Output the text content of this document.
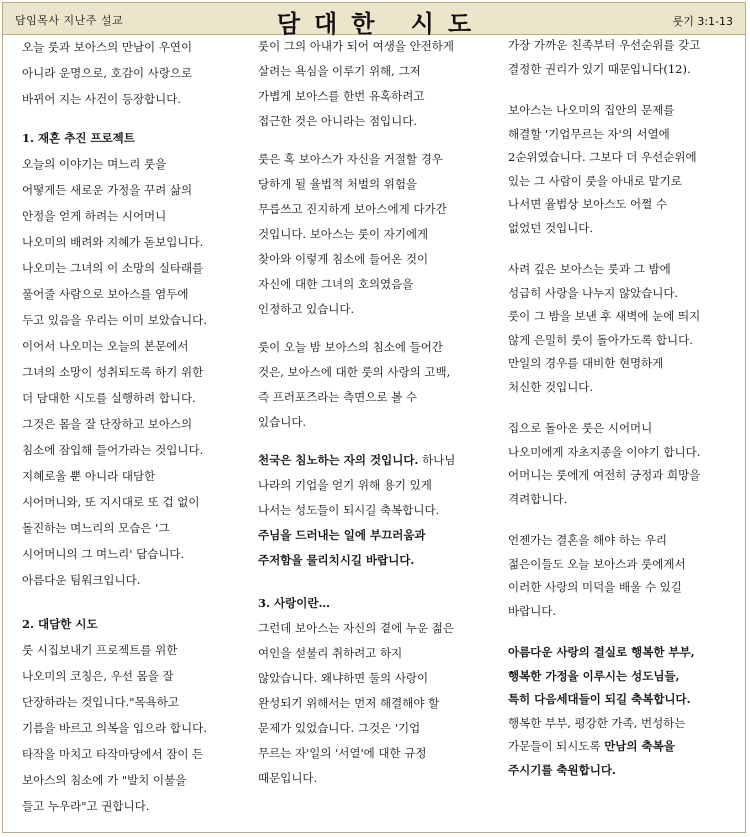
담임목사 지난주 설교	담대한 시도	룻기 3:1-13
오늘 룻과 보아스의 만남이 우연이
아니라 운명으로, 호감이 사랑으로
바뀌어 지는 사건이 등장합니다.
1. 재혼 추진 프로젝트
오늘의 이야기는 며느리 룻을
어떻게든 새로운 가정을 꾸려 삶의
안정을 얻게 하려는 시어머니
나오미의 배려와 지혜가 돋보입니다.
나오미는 그녀의 이 소망의 실타래를
풀어줄 사람으로 보아스를 염두에
두고 있음을 우리는 이미 보았습니다.
이어서 나오미는 오늘의 본문에서
그녀의 소망이 성취되도록 하기 위한
더 담대한 시도를 실행하려 합니다.
그것은 몸을 잘 단장하고 보아스의
침소에 잠입해 들어가라는 것입니다.
지혜로울 뿐 아니라 대담한
시어머니와, 또 지시대로 또 겁 없이
돌진하는 며느리의 모습은 '그
시어머니의 그 며느리' 답습니다.
아름다운 팀워크입니다.
2. 대담한 시도
룻 시집보내기 프로젝트를 위한
나오미의 코칭은, 우선 몸을 잘
단장하라는 것입니다."목욕하고
기름을 바르고 의복을 입으라 합니다.
타작을 마치고 타작마당에서 잠이 든
보아스의 침소에 가 "발치 이불을
들고 누우라"고 권합니다.
룻이 그의 아내가 되어 여생을 안전하게
살려는 욕심을 이루기 위해, 그저
가볍게 보아스를 한번 유혹하려고
접근한 것은 아니라는 점입니다.
룻은 혹 보아스가 자신을 거절할 경우
당하게 될 율법적 처벌의 위험을
무릅쓰고 진지하게 보아스에게 다가간
것입니다. 보아스는 룻이 자기에게
찾아와 이렇게 침소에 들어온 것이
자신에 대한 그녀의 호의였음을
인정하고 있습니다.
룻이 오늘 밤 보아스의 침소에 들어간
것은, 보아스에 대한 룻의 사랑의 고백,
즉 프러포즈라는 측면으로 볼 수
있습니다.
천국은 침노하는 자의 것입니다. 하나님
나라의 기업을 얻기 위해 용기 있게
나서는 성도들이 되시길 축복합니다.
주님을 드러내는 일에 부끄러움과
주저함을 물리치시길 바랍니다.
3. 사랑이란…
그런데 보아스는 자신의 곁에 누운 젊은
여인을 섣불리 취하려고 하지
않았습니다. 왜냐하면 둘의 사랑이
완성되기 위해서는 먼저 해결해야 할
문제가 있었습니다. 그것은 '기업
무르는 자'일의 '서열'에 대한 규정
때문입니다.
가장 가까운 친족부터 우선순위를 갖고
결정한 권리가 있기 때문입니다(12).
보아스는 나오미의 집안의 문제를
해결할 '기업무르는 자'의 서열에
2순위였습니다. 그보다 더 우선순위에
있는 그 사람이 룻을 아내로 맡기로
나서면 율법상 보아스도 어쩔 수
없었던 것입니다.
사려 깊은 보아스는 룻과 그 밤에
성급히 사랑을 나누지 않았습니다.
룻이 그 밤을 보낸 후 새벽에 눈에 띄지
않게 은밀히 룻이 돌아가도록 합니다.
만일의 경우를 대비한 현명하게
처신한 것입니다.
집으로 돌아온 룻은 시어머니
나오미에게 자초지종을 이야기 합니다.
어머니는 룻에게 여전히 긍정과 희망을
격려합니다.
언젠가는 결혼을 해야 하는 우리
젊은이들도 오늘 보아스과 룻에게서
이러한 사랑의 미덕을 배울 수 있길
바랍니다.
아름다운 사랑의 결실로 행복한 부부,
행복한 가정을 이루시는 성도님들,
특히 다음세대들이 되길 축복합니다.
행복한 부부, 평강한 가족, 번성하는
가문들이 되시도록 만남의 축복을
주시기를 축원합니다.
